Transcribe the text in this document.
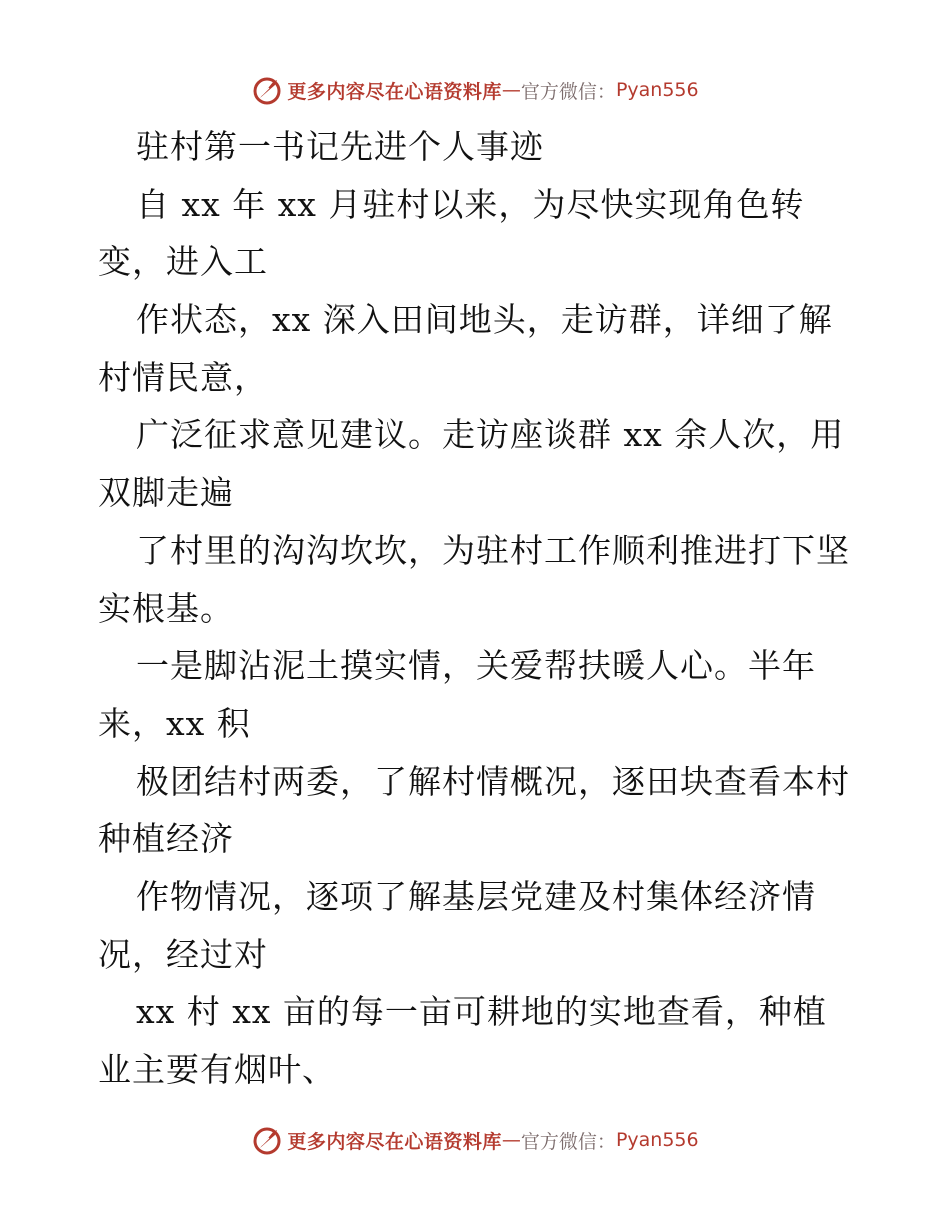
更多内容尽在心语资料库 — 官方微信： Pyan556
驻村第一书记先进个人事迹
自 xx 年 xx 月驻村以来，为尽快实现角色转
变，进入工
作状态，xx 深入田间地头，走访群，详细了解
村情民意，
广泛征求意见建议。走访座谈群 xx 余人次，用
双脚走遍
了村里的沟沟坎坎，为驻村工作顺利推进打下坚
实根基。
一是脚沾泥土摸实情，关爱帮扶暖人心。半年
来，xx 积
极团结村两委，了解村情概况，逐田块查看本村
种植经济
作物情况，逐项了解基层党建及村集体经济情
况，经过对
xx 村 xx 亩的每一亩可耕地的实地查看，种植
业主要有烟叶、
更多内容尽在心语资料库 — 官方微信： Pyan556
